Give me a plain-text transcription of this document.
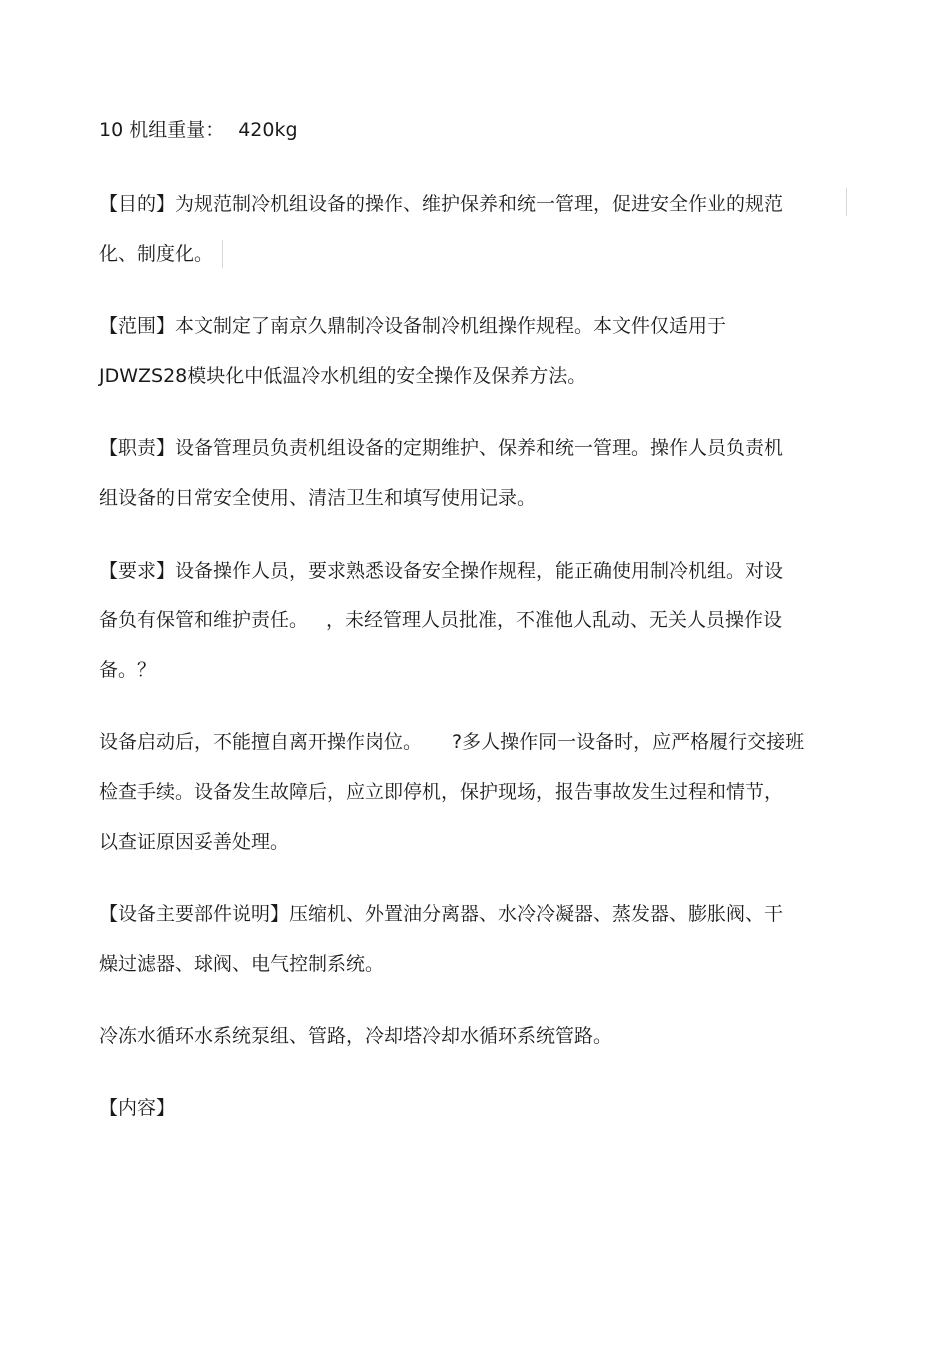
10 机组重量： 420kg
【目的】为规范制冷机组设备的操作、维护保养和统一管理，促进安全作业的规范
化、制度化。
【范围】本文制定了南京久鼎制冷设备制冷机组操作规程。本文件仅适用于
JDWZS28模块化中低温冷水机组的安全操作及保养方法。
【职责】设备管理员负责机组设备的定期维护、保养和统一管理。操作人员负责机
组设备的日常安全使用、清洁卫生和填写使用记录。
【要求】设备操作人员，要求熟悉设备安全操作规程，能正确使用制冷机组。对设
备负有保管和维护责任。 ，未经管理人员批准，不准他人乱动、无关人员操作设
备。？
设备启动后，不能擅自离开操作岗位。 ?多人操作同一设备时，应严格履行交接班
检查手续。设备发生故障后，应立即停机，保护现场，报告事故发生过程和情节，
以查证原因妥善处理。
【设备主要部件说明】压缩机、外置油分离器、水冷冷凝器、蒸发器、膨胀阀、干
燥过滤器、球阀、电气控制系统。
冷冻水循环水系统泵组、管路，冷却塔冷却水循环系统管路。
【内容】
